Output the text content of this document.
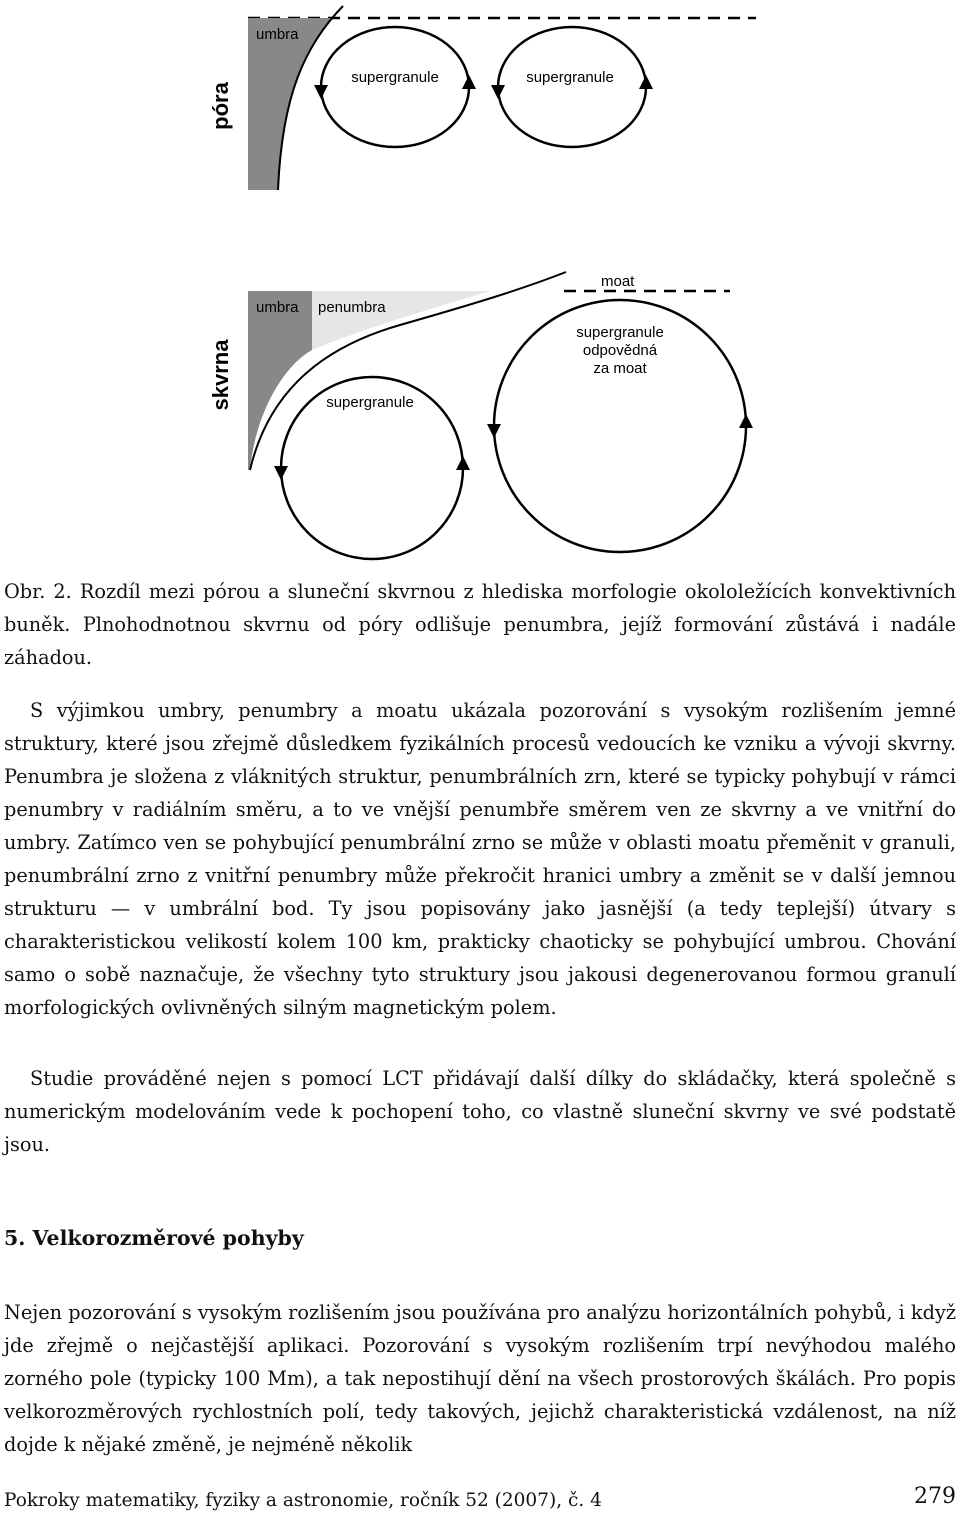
póra
umbra
supergranule	supergranule
skvrna
umbra penumbra
moat
supergranule
supergranule
odpovědná
za moat
Obr. 2. Rozdíl mezi pórou a sluneční skvrnou z hlediska morfologie okololežících konvektivních buněk. Plnohodnotnou skvrnu od póry odlišuje penumbra, jejíž formování zůstává i nadále záhadou.

S výjimkou umbry, penumbry a moatu ukázala pozorování s vysokým rozlišením jemné struktury, které jsou zřejmě důsledkem fyzikálních procesů vedoucích ke vzniku a vývoji skvrny. Penumbra je složena z vláknitých struktur, penumbrálních zrn, které se typicky pohybují v rámci penumbry v radiálním směru, a to ve vnější penumbře směrem ven ze skvrny a ve vnitřní do umbry. Zatímco ven se pohybující penumbrální zrno se může v oblasti moatu přeměnit v granuli, penumbrální zrno z vnitřní penumbry může překročit hranici umbry a změnit se v další jemnou strukturu — v umbrální bod. Ty jsou popisovány jako jasnější (a tedy teplejší) útvary s charakteristickou velikostí kolem 100 km, prakticky chaoticky se pohybující umbrou. Chování samo o sobě naznačuje, že všechny tyto struktury jsou jakousi degenerovanou formou granulí morfologických ovlivněných silným magnetickým polem.

Studie prováděné nejen s pomocí LCT přidávají další dílky do skládačky, která společně s numerickým modelováním vede k pochopení toho, co vlastně sluneční skvrny ve své podstatě jsou.

5. Velkorozměrové pohyby

Nejen pozorování s vysokým rozlišením jsou používána pro analýzu horizontálních pohybů, i když jde zřejmě o nejčastější aplikaci. Pozorování s vysokým rozlišením trpí nevýhodou malého zorného pole (typicky 100 Mm), a tak nepostihují dění na všech prostorových škálách. Pro popis velkorozměrových rychlostních polí, tedy takových, jejichž charakteristická vzdálenost, na níž dojde k nějaké změně, je nejméně několik

Pokroky matematiky, fyziky a astronomie, ročník 52 (2007), č. 4	279
